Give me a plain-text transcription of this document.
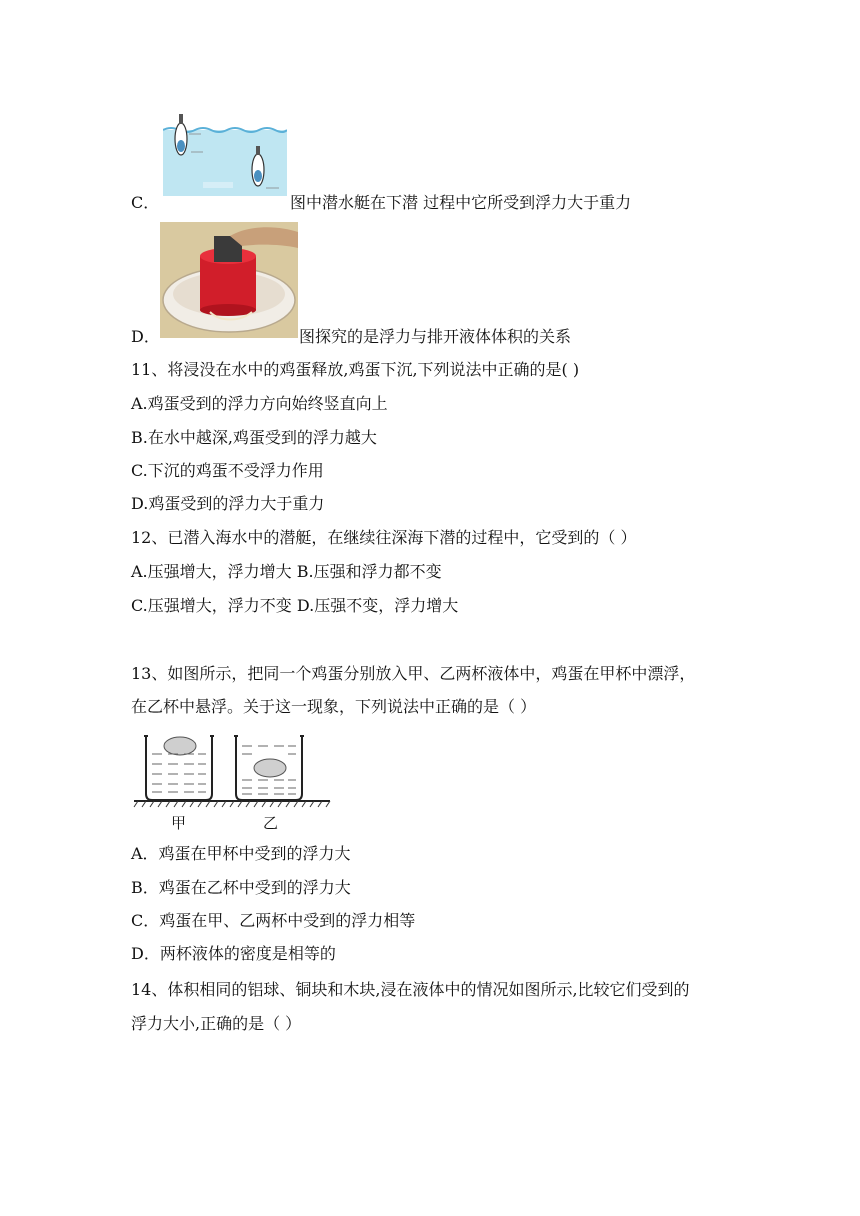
C．	图中潜水艇在下潜 过程中它所受到浮力大于重力
D．	图探究的是浮力与排开液体体积的关系
11、将浸没在水中的鸡蛋释放,鸡蛋下沉,下列说法中正确的是( )
A.鸡蛋受到的浮力方向始终竖直向上
B.在水中越深,鸡蛋受到的浮力越大
C.下沉的鸡蛋不受浮力作用
D.鸡蛋受到的浮力大于重力
12、已潜入海水中的潜艇，在继续往深海下潜的过程中，它受到的（ ）
A.压强增大，浮力增大 B.压强和浮力都不变
C.压强增大，浮力不变 D.压强不变，浮力增大
13、如图所示，把同一个鸡蛋分别放入甲、乙两杯液体中，鸡蛋在甲杯中漂浮，
在乙杯中悬浮。关于这一现象，下列说法中正确的是（ ）
甲	乙
A．鸡蛋在甲杯中受到的浮力大
B．鸡蛋在乙杯中受到的浮力大
C．鸡蛋在甲、乙两杯中受到的浮力相等
D．两杯液体的密度是相等的
14、体积相同的铝球、铜块和木块,浸在液体中的情况如图所示,比较它们受到的
浮力大小,正确的是（ ）
